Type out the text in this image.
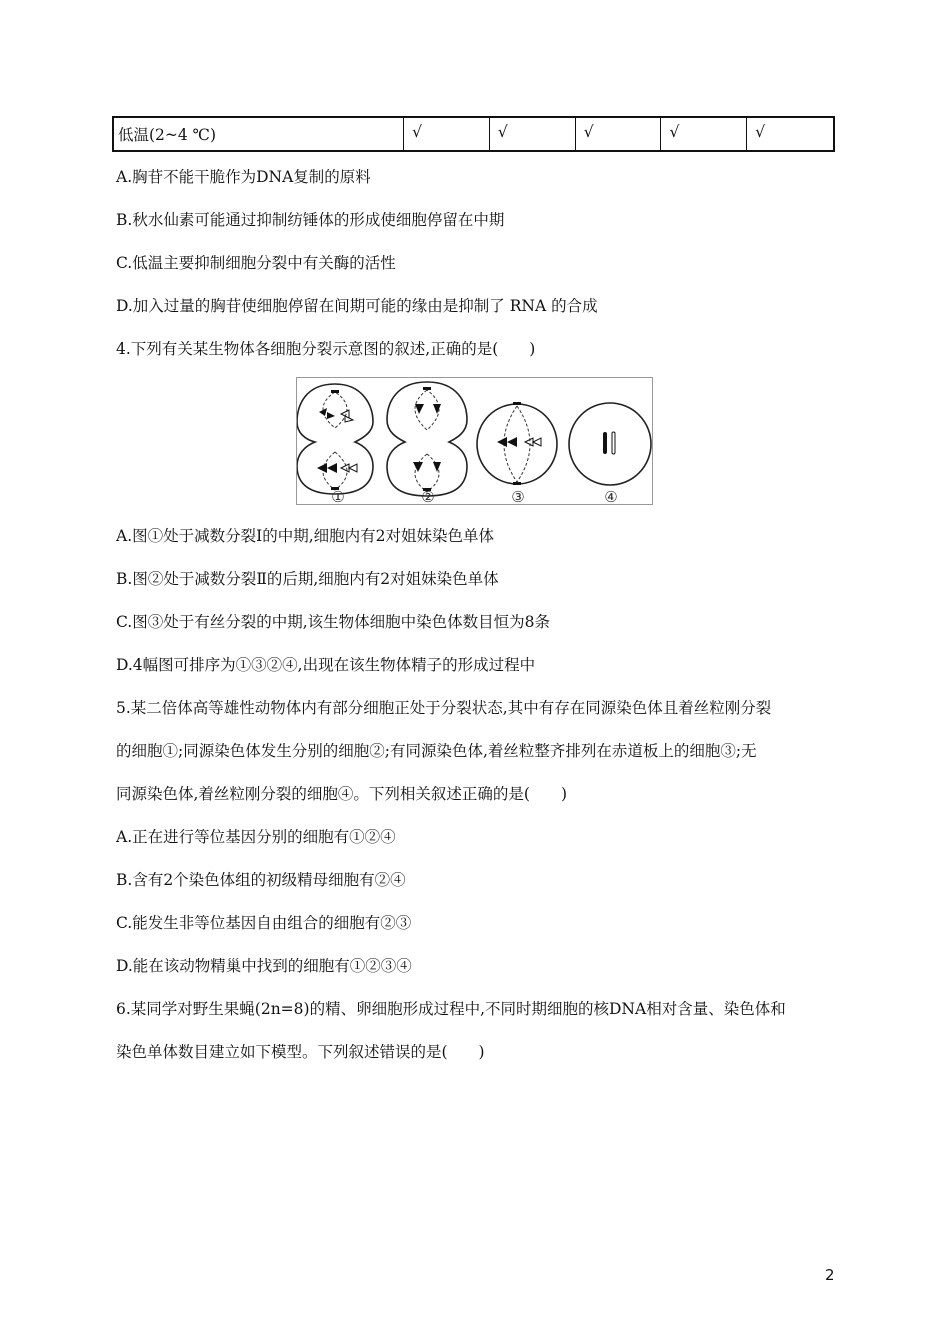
低温(2~4 ℃)	√	√	√	√	√
A.胸苷不能干脆作为DNA复制的原料
B.秋水仙素可能通过抑制纺锤体的形成使细胞停留在中期
C.低温主要抑制细胞分裂中有关酶的活性
D.加入过量的胸苷使细胞停留在间期可能的缘由是抑制了 RNA 的合成
4.下列有关某生物体各细胞分裂示意图的叙述,正确的是(　　)
①	②	③	④
A.图①处于减数分裂Ⅰ的中期,细胞内有2对姐妹染色单体
B.图②处于减数分裂Ⅱ的后期,细胞内有2对姐妹染色单体
C.图③处于有丝分裂的中期,该生物体细胞中染色体数目恒为8条
D.4幅图可排序为①③②④,出现在该生物体精子的形成过程中
5.某二倍体高等雄性动物体内有部分细胞正处于分裂状态,其中有存在同源染色体且着丝粒刚分裂
的细胞①;同源染色体发生分别的细胞②;有同源染色体,着丝粒整齐排列在赤道板上的细胞③;无
同源染色体,着丝粒刚分裂的细胞④。下列相关叙述正确的是(　　)
A.正在进行等位基因分别的细胞有①②④
B.含有2个染色体组的初级精母细胞有②④
C.能发生非等位基因自由组合的细胞有②③
D.能在该动物精巢中找到的细胞有①②③④
6.某同学对野生果蝇(2n=8)的精、卵细胞形成过程中,不同时期细胞的核DNA相对含量、染色体和
染色单体数目建立如下模型。下列叙述错误的是(　　)
2
